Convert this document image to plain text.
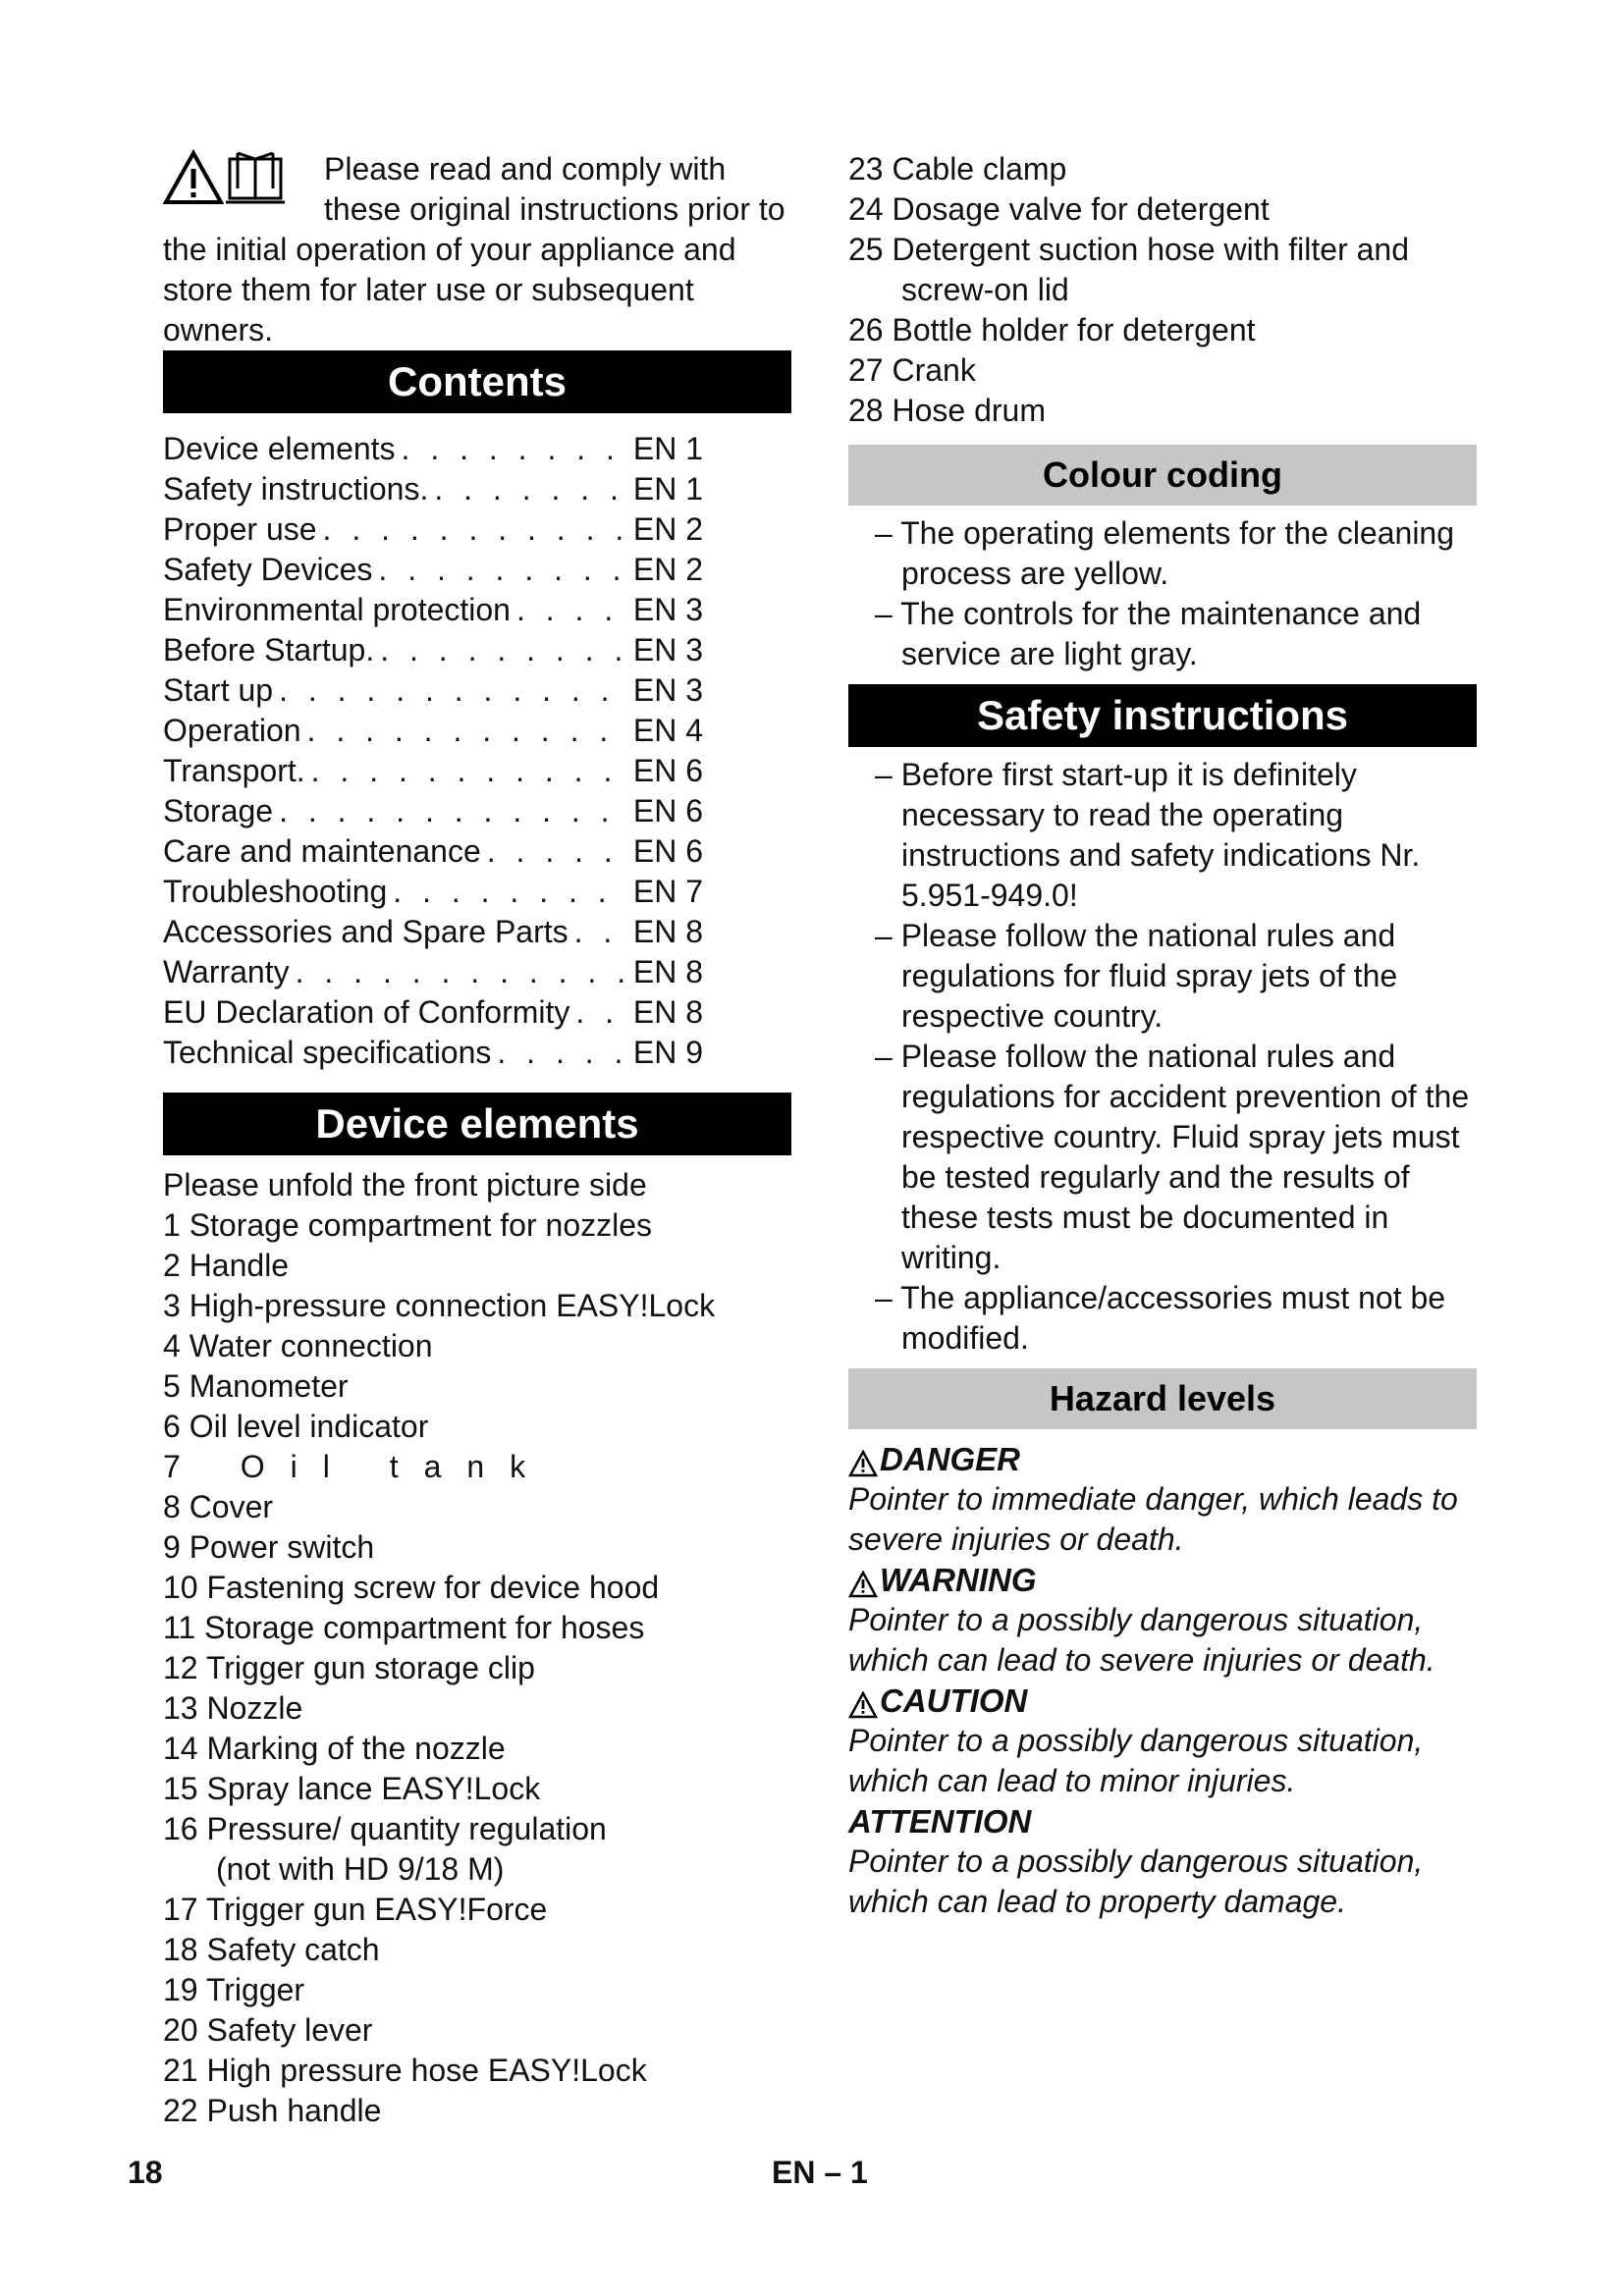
Please read and comply with these original instructions prior to the initial operation of your appliance and store them for later use or subsequent owners.
Contents
Device elements . . .	EN 1
Safety instructions. . . .	EN 1
Proper use . . .	EN 2
Safety Devices . . .	EN 2
Environmental protection . . .	EN 3
Before Startup. . . .	EN 3
Start up . . .	EN 3
Operation . . .	EN 4
Transport. . . .	EN 6
Storage . . .	EN 6
Care and maintenance . . .	EN 6
Troubleshooting . . .	EN 7
Accessories and Spare Parts . . . EN 8
Warranty . . .	EN 8
EU Declaration of Conformity . . . EN 8
Technical specifications . . .	EN 9
Device elements
Please unfold the front picture side
1 Storage compartment for nozzles
2 Handle
3 High-pressure connection EASY!Lock
4 Water connection
5 Manometer
6 Oil level indicator
7 Oil tank
8 Cover
9 Power switch
10 Fastening screw for device hood
11 Storage compartment for hoses
12 Trigger gun storage clip
13 Nozzle
14 Marking of the nozzle
15 Spray lance EASY!Lock
16 Pressure/ quantity regulation
(not with HD 9/18 M)
17 Trigger gun EASY!Force
18 Safety catch
19 Trigger
20 Safety lever
21 High pressure hose EASY!Lock
22 Push handle
23 Cable clamp
24 Dosage valve for detergent
25 Detergent suction hose with filter and
screw-on lid
26 Bottle holder for detergent
27 Crank
28 Hose drum
Colour coding
– The operating elements for the cleaning process are yellow.
– The controls for the maintenance and service are light gray.
Safety instructions
– Before first start-up it is definitely necessary to read the operating instructions and safety indications Nr. 5.951-949.0!
– Please follow the national rules and regulations for fluid spray jets of the respective country.
– Please follow the national rules and regulations for accident prevention of the respective country. Fluid spray jets must be tested regularly and the results of these tests must be documented in writing.
– The appliance/accessories must not be modified.
Hazard levels
DANGER
Pointer to immediate danger, which leads to severe injuries or death.
WARNING
Pointer to a possibly dangerous situation, which can lead to severe injuries or death.
CAUTION
Pointer to a possibly dangerous situation, which can lead to minor injuries.
ATTENTION
Pointer to a possibly dangerous situation, which can lead to property damage.
18	EN – 1
